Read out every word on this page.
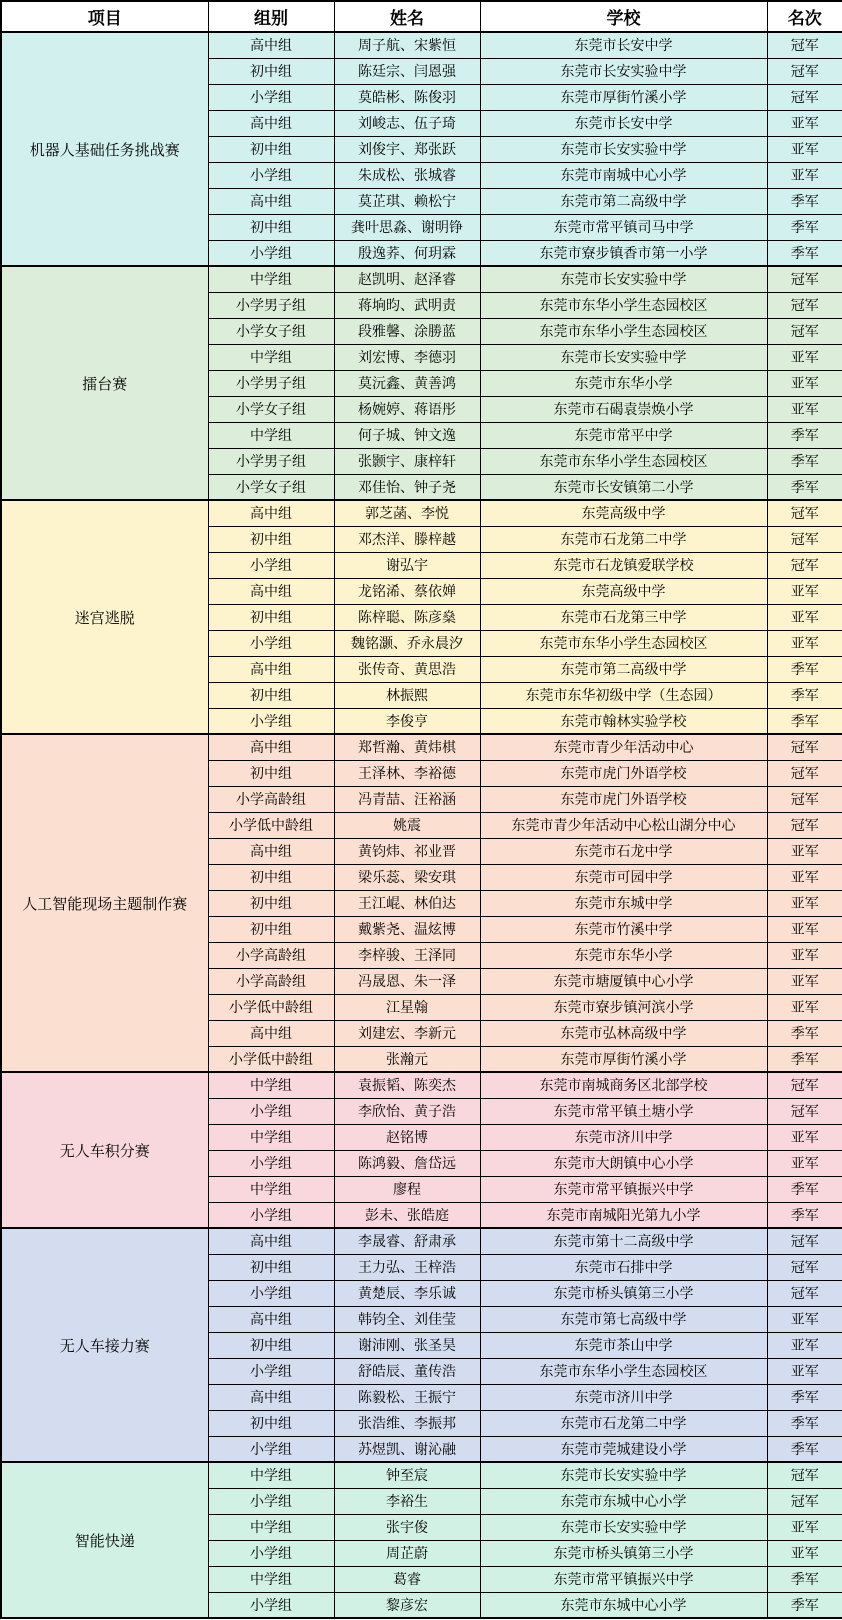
项目	组别	姓名	学校	名次
机器人基础任务挑战赛	高中组	周子航、宋紫恒	东莞市长安中学	冠军
	初中组	陈廷宗、闫恩强	东莞市长安实验中学	冠军
	小学组	莫皓彬、陈俊羽	东莞市厚街竹溪小学	冠军
	高中组	刘峻志、伍子琦	东莞市长安中学	亚军
	初中组	刘俊宇、郑张跃	东莞市长安实验中学	亚军
	小学组	朱成松、张城睿	东莞市南城中心小学	亚军
	高中组	莫芷琪、赖松宁	东莞市第二高级中学	季军
	初中组	龚叶思淼、谢明铮	东莞市常平镇司马中学	季军
	小学组	殷逸荞、何玥霖	东莞市寮步镇香市第一小学	季军
擂台赛	中学组	赵凯明、赵泽睿	东莞市长安实验中学	冠军
	小学男子组	蒋垧昀、武明责	东莞市东华小学生态园校区	冠军
	小学女子组	段雅馨、涂勝蓝	东莞市东华小学生态园校区	冠军
	中学组	刘宏博、李德羽	东莞市长安实验中学	亚军
	小学男子组	莫沅鑫、黄善鸿	东莞市东华小学	亚军
	小学女子组	杨婉婷、蒋语彤	东莞市石碣袁崇焕小学	亚军
	中学组	何子城、钟文逸	东莞市常平中学	季军
	小学男子组	张颢宇、康梓轩	东莞市东华小学生态园校区	季军
	小学女子组	邓佳怡、钟子尧	东莞市长安镇第二小学	季军
迷宫逃脱	高中组	郭芝菡、李悦	东莞高级中学	冠军
	初中组	邓杰洋、滕梓越	东莞市石龙第二中学	冠军
	小学组	谢弘宇	东莞市石龙镇爱联学校	冠军
	高中组	龙铭浠、蔡依婵	东莞高级中学	亚军
	初中组	陈梓聪、陈彦燊	东莞市石龙第三中学	亚军
	小学组	魏铭灏、乔永晨汐	东莞市东华小学生态园校区	亚军
	高中组	张传奇、黄思浩	东莞市第二高级中学	季军
	初中组	林振熙	东莞市东华初级中学（生态园）	季军
	小学组	李俊亨	东莞市翰林实验学校	季军
人工智能现场主题制作赛	高中组	郑哲瀚、黄炜棋	东莞市青少年活动中心	冠军
	初中组	王泽林、李裕德	东莞市虎门外语学校	冠军
	小学高龄组	冯青喆、汪裕涵	东莞市虎门外语学校	冠军
	小学低中龄组	姚震	东莞市青少年活动中心松山湖分中心	冠军
	高中组	黄钧炜、祁业晋	东莞市石龙中学	亚军
	初中组	梁乐蕊、梁安琪	东莞市可园中学	亚军
	初中组	王江崐、林伯达	东莞市东城中学	亚军
	初中组	戴紫尧、温炫博	东莞市竹溪中学	亚军
	小学高龄组	李梓骏、王泽同	东莞市东华小学	亚军
	小学高龄组	冯晟恩、朱一泽	东莞市塘厦镇中心小学	亚军
	小学低中龄组	江星翰	东莞市寮步镇河滨小学	亚军
	高中组	刘建宏、李新元	东莞市弘林高级中学	季军
	小学低中龄组	张瀚元	东莞市厚街竹溪小学	季军
无人车积分赛	中学组	袁振韬、陈奕杰	东莞市南城商务区北部学校	冠军
	小学组	李欣怡、黄子浩	东莞市常平镇土塘小学	冠军
	中学组	赵铭博	东莞市济川中学	亚军
	小学组	陈鸿毅、詹岱远	东莞市大朗镇中心小学	亚军
	中学组	廖程	东莞市常平镇振兴中学	季军
	小学组	彭未、张皓庭	东莞市南城阳光第九小学	季军
无人车接力赛	高中组	李晟睿、舒肃承	东莞市第十二高级中学	冠军
	初中组	王力弘、王梓浩	东莞市石排中学	冠军
	小学组	黄楚辰、李乐诚	东莞市桥头镇第三小学	冠军
	高中组	韩钧全、刘佳莹	东莞市第七高级中学	亚军
	初中组	谢沛刚、张圣昊	东莞市茶山中学	亚军
	小学组	舒皓辰、董传浩	东莞市东华小学生态园校区	亚军
	高中组	陈毅松、王振宁	东莞市济川中学	季军
	初中组	张浩维、李振邦	东莞市石龙第二中学	季军
	小学组	苏煜凯、谢沁融	东莞市莞城建设小学	季军
智能快递	中学组	钟至宸	东莞市长安实验中学	冠军
	小学组	李裕生	东莞市东城中心小学	冠军
	中学组	张宇俊	东莞市长安实验中学	亚军
	小学组	周芷蔚	东莞市桥头镇第三小学	亚军
	中学组	葛睿	东莞市常平镇振兴中学	季军
	小学组	黎彦宏	东莞市东城中心小学	季军
